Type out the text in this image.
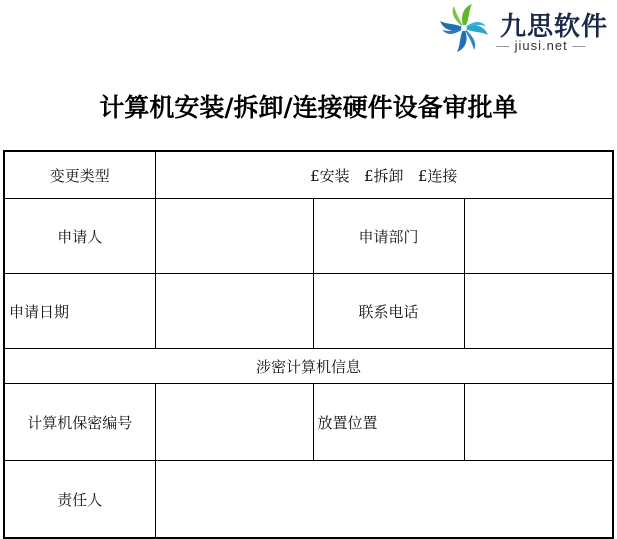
九思软件
— jiusi.net —
计算机安装/拆卸/连接硬件设备审批单
变更类型	£安装 £拆卸 £连接		
申请人		申请部门	
申请日期		联系电话	
涉密计算机信息			
计算机保密编号		放置位置	
责任人			
